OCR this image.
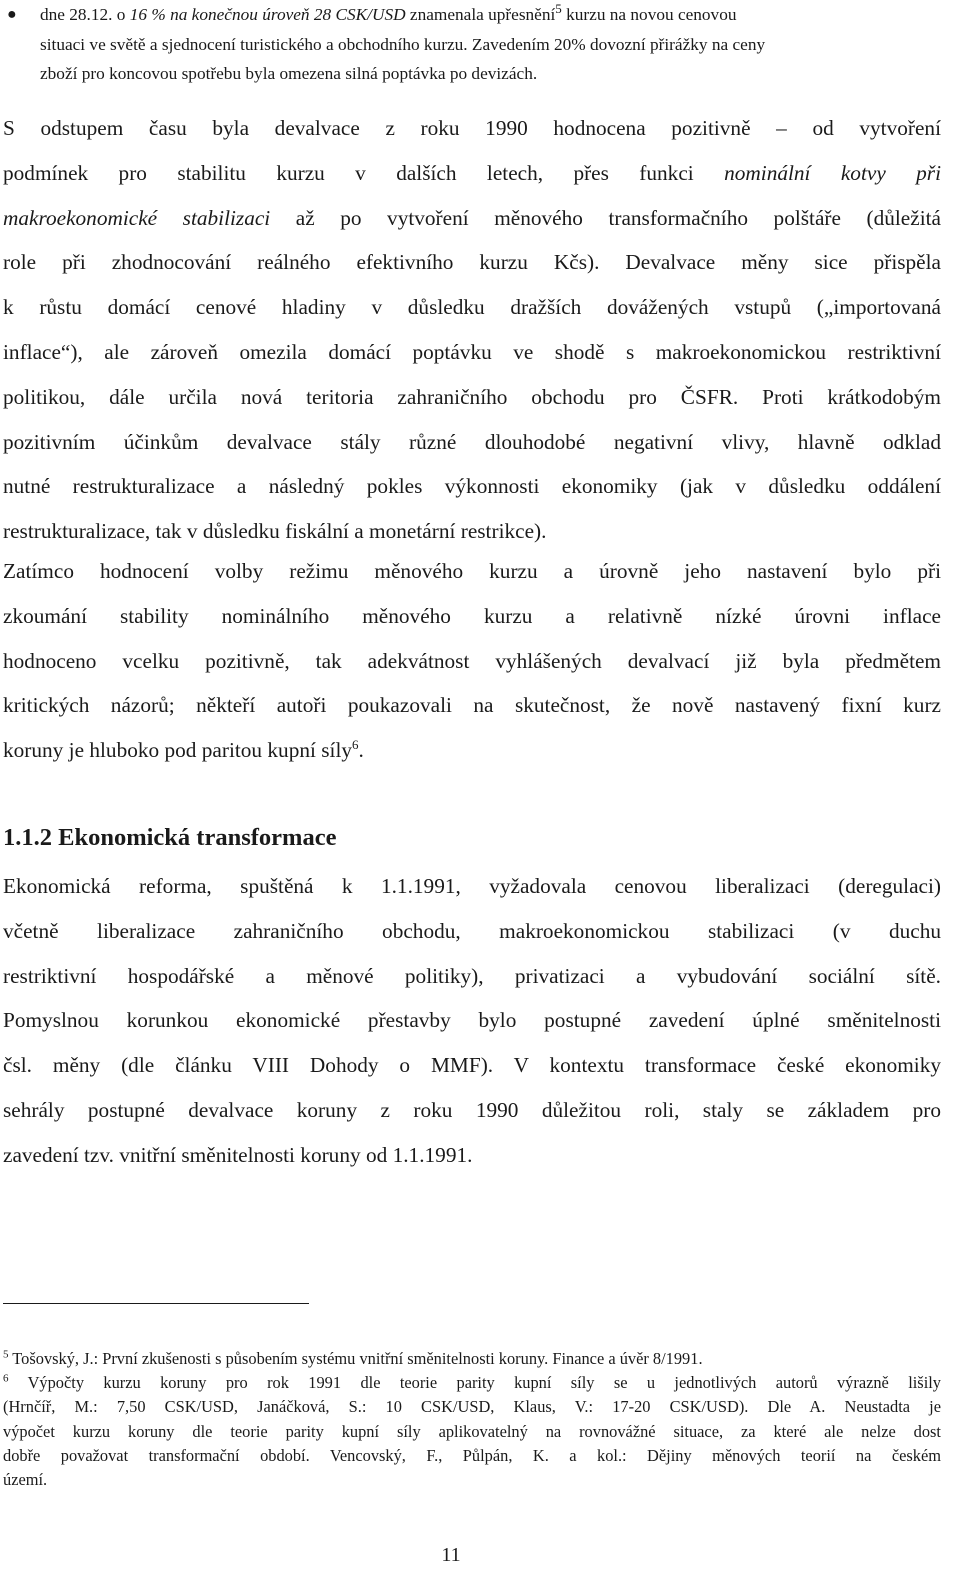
● dne 28.12. o 16 % na konečnou úroveň 28 CSK/USD znamenala upřesnění$^5$ kurzu na novou cenovou
situaci ve světě a sjednocení turistického a obchodního kurzu. Zavedením 20% dovozní přirážky na ceny
zboží pro koncovou spotřebu byla omezena silná poptávka po devizách.
S odstupem času byla devalvace z roku 1990 hodnocena pozitivně – od vytvoření
podmínek pro stabilitu kurzu v dalších letech, přes funkci nominální kotvy při
makroekonomické stabilizaci až po vytvoření měnového transformačního polštáře (důležitá
role při zhodnocování reálného efektivního kurzu Kčs). Devalvace měny sice přispěla
k růstu domácí cenové hladiny v důsledku dražších dovážených vstupů („importovaná
inflace“), ale zároveň omezila domácí poptávku ve shodě s makroekonomickou restriktivní
politikou, dále určila nová teritoria zahraničního obchodu pro ČSFR. Proti krátkodobým
pozitivním účinkům devalvace stály různé dlouhodobé negativní vlivy, hlavně odklad
nutné restrukturalizace a následný pokles výkonnosti ekonomiky (jak v důsledku oddálení
restrukturalizace, tak v důsledku fiskální a monetární restrikce).
Zatímco hodnocení volby režimu měnového kurzu a úrovně jeho nastavení bylo při
zkoumání stability nominálního měnového kurzu a relativně nízké úrovni inflace
hodnoceno vcelku pozitivně, tak adekvátnost vyhlášených devalvací již byla předmětem
kritických názorů; někteří autoři poukazovali na skutečnost, že nově nastavený fixní kurz
koruny je hluboko pod paritou kupní síly$^6$.
1.1.2 Ekonomická transformace
Ekonomická reforma, spuštěná k 1.1.1991, vyžadovala cenovou liberalizaci (deregulaci)
včetně liberalizace zahraničního obchodu, makroekonomickou stabilizaci (v duchu
restriktivní hospodářské a měnové politiky), privatizaci a vybudování sociální sítě.
Pomyslnou korunkou ekonomické přestavby bylo postupné zavedení úplné směnitelnosti
čsl. měny (dle článku VIII Dohody o MMF). V kontextu transformace české ekonomiky
sehrály postupné devalvace koruny z roku 1990 důležitou roli, staly se základem pro
zavedení tzv. vnitřní směnitelnosti koruny od 1.1.1991.
$^5$ Tošovský, J.: První zkušenosti s působením systému vnitřní směnitelnosti koruny. Finance a úvěr 8/1991.
$^6$ Výpočty kurzu koruny pro rok 1991 dle teorie parity kupní síly se u jednotlivých autorů výrazně lišily
(Hrnčíř, M.: 7,50 CSK/USD, Janáčková, S.: 10 CSK/USD, Klaus, V.: 17-20 CSK/USD). Dle A. Neustadta je
výpočet kurzu koruny dle teorie parity kupní síly aplikovatelný na rovnovážné situace, za které ale nelze dost
dobře považovat transformační období. Vencovský, F., Půlpán, K. a kol.: Dějiny měnových teorií na českém
území.
11
